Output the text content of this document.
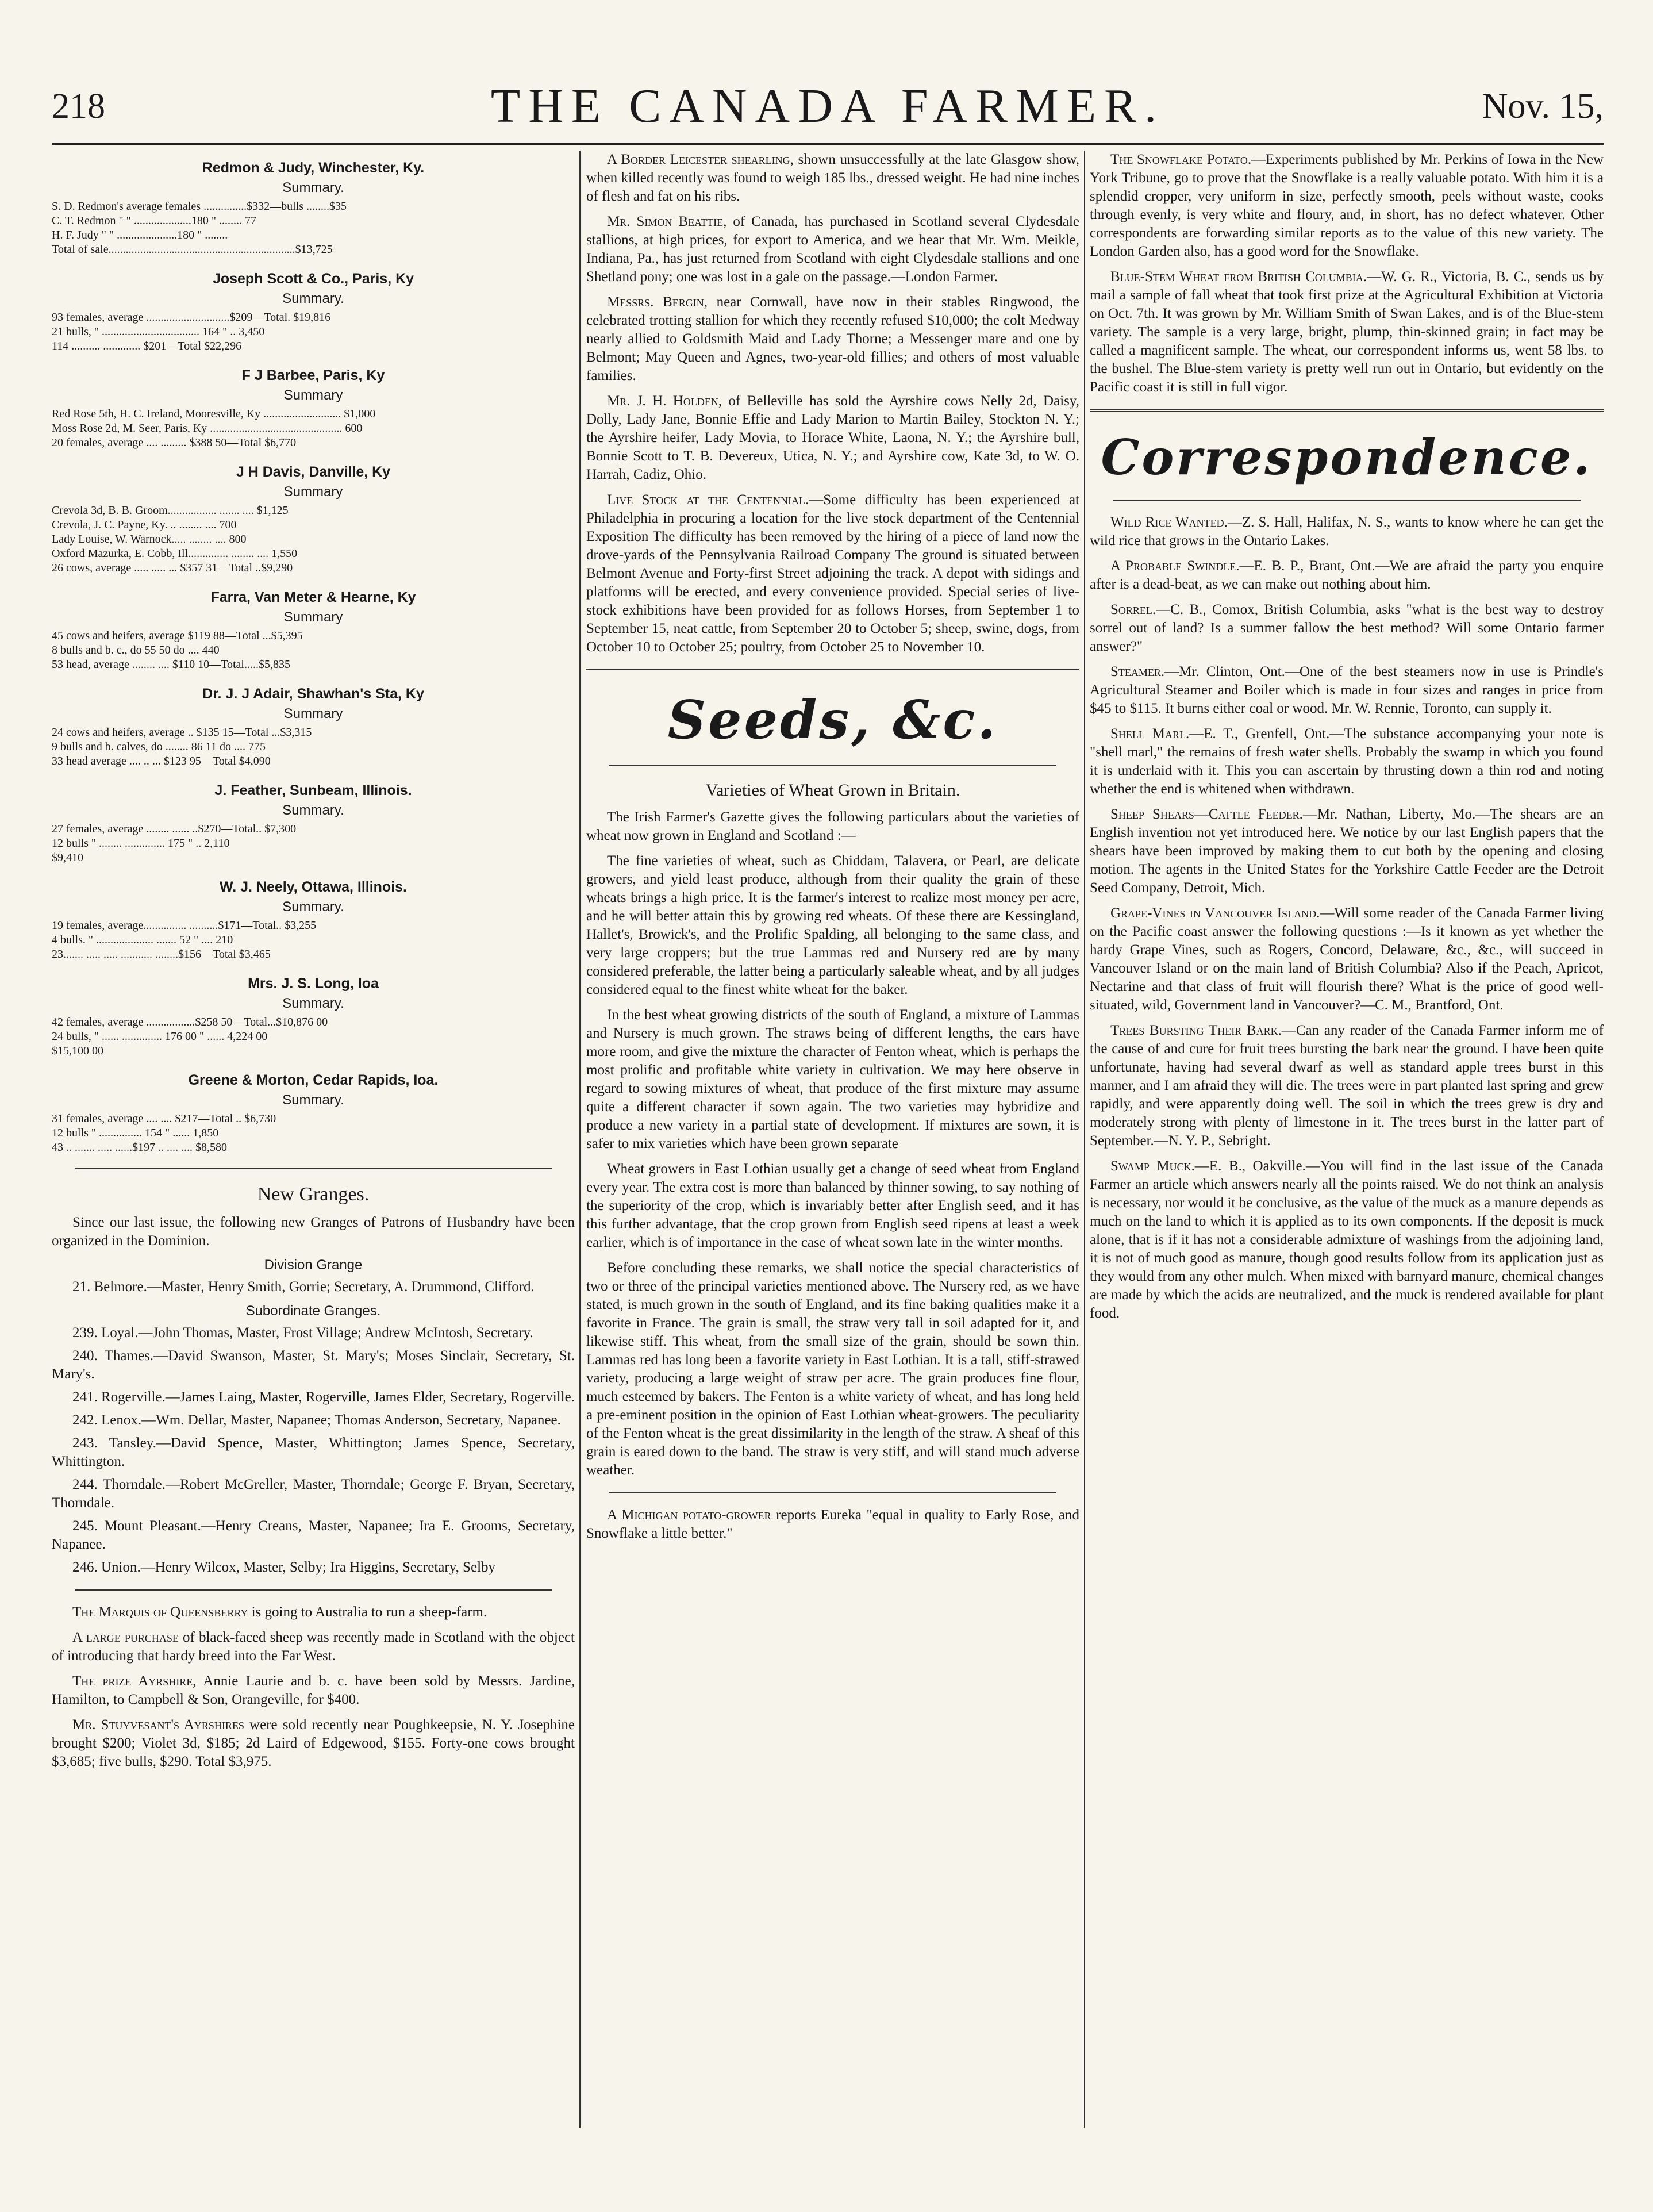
218	THE CANADA FARMER.	Nov. 15,
Redmon & Judy, Winchester, Ky.
Summary.
S. D. Redmon's average females ...............$332—bulls ........$35
C. T. Redmon " " ....................180 " ........ 77
H. F. Judy " " .....................180 " ........
Total of sale.................................................................$13,725
Joseph Scott & Co., Paris, Ky
Summary.
93 females, average .............................$209—Total. $19,816
21 bulls, " .................................. 164 " .. 3,450
114 .......... ............. $201—Total $22,296
F J Barbee, Paris, Ky
Summary
Red Rose 5th, H. C. Ireland, Mooresville, Ky ........................... $1,000
Moss Rose 2d, M. Seer, Paris, Ky .............................................. 600
20 females, average .... ......... $388 50—Total $6,770
J H Davis, Danville, Ky
Summary
Crevola 3d, B. B. Groom................. ....... .... $1,125
Crevola, J. C. Payne, Ky. .. ........ .... 700
Lady Louise, W. Warnock..... ........ .... 800
Oxford Mazurka, E. Cobb, Ill.............. ........ .... 1,550
26 cows, average ..... ..... ... $357 31—Total ..$9,290
Farra, Van Meter & Hearne, Ky
Summary
45 cows and heifers, average $119 88—Total ...$5,395
8 bulls and b. c., do 55 50 do .... 440
53 head, average ........ .... $110 10—Total.....$5,835
Dr. J. J Adair, Shawhan's Sta, Ky
Summary
24 cows and heifers, average .. $135 15—Total ...$3,315
9 bulls and b. calves, do ........ 86 11 do .... 775
33 head average .... .. ... $123 95—Total $4,090
J. Feather, Sunbeam, Illinois.
Summary.
27 females, average ........ ...... ..$270—Total.. $7,300
12 bulls " ........ .............. 175 " .. 2,110
$9,410
W. J. Neely, Ottawa, Illinois.
Summary.
19 females, average............... ..........$171—Total.. $3,255
4 bulls. " .................... ....... 52 " .... 210
23....... ..... ..... ........... ........$156—Total $3,465
Mrs. J. S. Long, Ioa
Summary.
42 females, average .................$258 50—Total...$10,876 00
24 bulls, " ...... .............. 176 00 " ...... 4,224 00
$15,100 00
Greene & Morton, Cedar Rapids, Ioa.
Summary.
31 females, average .... .... $217—Total .. $6,730
12 bulls " ............... 154 " ...... 1,850
43 .. ....... ..... ......$197 .. .... .... $8,580
New Granges.

Since our last issue, the following new Granges of Patrons of Husbandry have been organized in the Dominion.

Division Grange
21. Belmore.—Master, Henry Smith, Gorrie; Secretary, A. Drummond, Clifford.
Subordinate Granges.
239. Loyal.—John Thomas, Master, Frost Village; Andrew McIntosh, Secretary.
240. Thames.—David Swanson, Master, St. Mary's; Moses Sinclair, Secretary, St. Mary's.
241. Rogerville.—James Laing, Master, Rogerville, James Elder, Secretary, Rogerville.
242. Lenox.—Wm. Dellar, Master, Napanee; Thomas Anderson, Secretary, Napanee.
243. Tansley.—David Spence, Master, Whittington; James Spence, Secretary, Whittington.
244. Thorndale.—Robert McGreller, Master, Thorndale; George F. Bryan, Secretary, Thorndale.
245. Mount Pleasant.—Henry Creans, Master, Napanee; Ira E. Grooms, Secretary, Napanee.
246. Union.—Henry Wilcox, Master, Selby; Ira Higgins, Secretary, Selby

The Marquis of Queensberry is going to Australia to run a sheep-farm.

A large purchase of black-faced sheep was recently made in Scotland with the object of introducing that hardy breed into the Far West.

The prize Ayrshire, Annie Laurie and b. c. have been sold by Messrs. Jardine, Hamilton, to Campbell & Son, Orangeville, for $400.

Mr. Stuyvesant's Ayrshires were sold recently near Poughkeepsie, N. Y. Josephine brought $200; Violet 3d, $185; 2d Laird of Edgewood, $155. Forty-one cows brought $3,685; five bulls, $290. Total $3,975.

A Border Leicester shearling, shown unsuccessfully at the late Glasgow show, when killed recently was found to weigh 185 lbs., dressed weight. He had nine inches of flesh and fat on his ribs.

Mr. Simon Beattie, of Canada, has purchased in Scotland several Clydesdale stallions, at high prices, for export to America, and we hear that Mr. Wm. Meikle, Indiana, Pa., has just returned from Scotland with eight Clydesdale stallions and one Shetland pony; one was lost in a gale on the passage.—London Farmer.

Messrs. Bergin, near Cornwall, have now in their stables Ringwood, the celebrated trotting stallion for which they recently refused $10,000; the colt Medway nearly allied to Goldsmith Maid and Lady Thorne; a Messenger mare and one by Belmont; May Queen and Agnes, two-year-old fillies; and others of most valuable families.

Mr. J. H. Holden, of Belleville has sold the Ayrshire cows Nelly 2d, Daisy, Dolly, Lady Jane, Bonnie Effie and Lady Marion to Martin Bailey, Stockton N. Y.; the Ayrshire heifer, Lady Movia, to Horace White, Laona, N. Y.; the Ayrshire bull, Bonnie Scott to T. B. Devereux, Utica, N. Y.; and Ayrshire cow, Kate 3d, to W. O. Harrah, Cadiz, Ohio.

Live Stock at the Centennial.—Some difficulty has been experienced at Philadelphia in procuring a location for the live stock department of the Centennial Exposition The difficulty has been removed by the hiring of a piece of land now the drove-yards of the Pennsylvania Railroad Company The ground is situated between Belmont Avenue and Forty-first Street adjoining the track. A depot with sidings and platforms will be erected, and every convenience provided. Special series of live-stock exhibitions have been provided for as follows Horses, from September 1 to September 15, neat cattle, from September 20 to October 5; sheep, swine, dogs, from October 10 to October 25; poultry, from October 25 to November 10.

Seeds, &c.
Varieties of Wheat Grown in Britain.

The Irish Farmer's Gazette gives the following particulars about the varieties of wheat now grown in England and Scotland :—

The fine varieties of wheat, such as Chiddam, Talavera, or Pearl, are delicate growers, and yield least produce, although from their quality the grain of these wheats brings a high price. It is the farmer's interest to realize most money per acre, and he will better attain this by growing red wheats. Of these there are Kessingland, Hallet's, Browick's, and the Prolific Spalding, all belonging to the same class, and very large croppers; but the true Lammas red and Nursery red are by many considered preferable, the latter being a particularly saleable wheat, and by all judges considered equal to the finest white wheat for the baker.

In the best wheat growing districts of the south of England, a mixture of Lammas and Nursery is much grown. The straws being of different lengths, the ears have more room, and give the mixture the character of Fenton wheat, which is perhaps the most prolific and profitable white variety in cultivation. We may here observe in regard to sowing mixtures of wheat, that produce of the first mixture may assume quite a different character if sown again. The two varieties may hybridize and produce a new variety in a partial state of development. If mixtures are sown, it is safer to mix varieties which have been grown separate

Wheat growers in East Lothian usually get a change of seed wheat from England every year. The extra cost is more than balanced by thinner sowing, to say nothing of the superiority of the crop, which is invariably better after English seed, and it has this further advantage, that the crop grown from English seed ripens at least a week earlier, which is of importance in the case of wheat sown late in the winter months.

Before concluding these remarks, we shall notice the special characteristics of two or three of the principal varieties mentioned above. The Nursery red, as we have stated, is much grown in the south of England, and its fine baking qualities make it a favorite in France. The grain is small, the straw very tall in soil adapted for it, and likewise stiff. This wheat, from the small size of the grain, should be sown thin. Lammas red has long been a favorite variety in East Lothian. It is a tall, stiff-strawed variety, producing a large weight of straw per acre. The grain produces fine flour, much esteemed by bakers. The Fenton is a white variety of wheat, and has long held a pre-eminent position in the opinion of East Lothian wheat-growers. The peculiarity of the Fenton wheat is the great dissimilarity in the length of the straw. A sheaf of this grain is eared down to the band. The straw is very stiff, and will stand much adverse weather.

A Michigan potato-grower reports Eureka "equal in quality to Early Rose, and Snowflake a little better."

The Snowflake Potato.—Experiments published by Mr. Perkins of Iowa in the New York Tribune, go to prove that the Snowflake is a really valuable potato. With him it is a splendid cropper, very uniform in size, perfectly smooth, peels without waste, cooks through evenly, is very white and floury, and, in short, has no defect whatever. Other correspondents are forwarding similar reports as to the value of this new variety. The London Garden also, has a good word for the Snowflake.

Blue-Stem Wheat from British Columbia.—W. G. R., Victoria, B. C., sends us by mail a sample of fall wheat that took first prize at the Agricultural Exhibition at Victoria on Oct. 7th. It was grown by Mr. William Smith of Swan Lakes, and is of the Blue-stem variety. The sample is a very large, bright, plump, thin-skinned grain; in fact may be called a magnificent sample. The wheat, our correspondent informs us, went 58 lbs. to the bushel. The Blue-stem variety is pretty well run out in Ontario, but evidently on the Pacific coast it is still in full vigor.

Correspondence.

Wild Rice Wanted.—Z. S. Hall, Halifax, N. S., wants to know where he can get the wild rice that grows in the Ontario Lakes.

A Probable Swindle.—E. B. P., Brant, Ont.—We are afraid the party you enquire after is a dead-beat, as we can make out nothing about him.

Sorrel.—C. B., Comox, British Columbia, asks "what is the best way to destroy sorrel out of land? Is a summer fallow the best method? Will some Ontario farmer answer?"

Steamer.—Mr. Clinton, Ont.—One of the best steamers now in use is Prindle's Agricultural Steamer and Boiler which is made in four sizes and ranges in price from $45 to $115. It burns either coal or wood. Mr. W. Rennie, Toronto, can supply it.

Shell Marl.—E. T., Grenfell, Ont.—The substance accompanying your note is "shell marl," the remains of fresh water shells. Probably the swamp in which you found it is underlaid with it. This you can ascertain by thrusting down a thin rod and noting whether the end is whitened when withdrawn.

Sheep Shears—Cattle Feeder.—Mr. Nathan, Liberty, Mo.—The shears are an English invention not yet introduced here. We notice by our last English papers that the shears have been improved by making them to cut both by the opening and closing motion. The agents in the United States for the Yorkshire Cattle Feeder are the Detroit Seed Company, Detroit, Mich.

Grape-Vines in Vancouver Island.—Will some reader of the Canada Farmer living on the Pacific coast answer the following questions :—Is it known as yet whether the hardy Grape Vines, such as Rogers, Concord, Delaware, &c., &c., will succeed in Vancouver Island or on the main land of British Columbia? Also if the Peach, Apricot, Nectarine and that class of fruit will flourish there? What is the price of good well-situated, wild, Government land in Vancouver?—C. M., Brantford, Ont.

Trees Bursting Their Bark.—Can any reader of the Canada Farmer inform me of the cause of and cure for fruit trees bursting the bark near the ground. I have been quite unfortunate, having had several dwarf as well as standard apple trees burst in this manner, and I am afraid they will die. The trees were in part planted last spring and grew rapidly, and were apparently doing well. The soil in which the trees grew is dry and moderately strong with plenty of limestone in it. The trees burst in the latter part of September.—N. Y. P., Sebright.

Swamp Muck.—E. B., Oakville.—You will find in the last issue of the Canada Farmer an article which answers nearly all the points raised. We do not think an analysis is necessary, nor would it be conclusive, as the value of the muck as a manure depends as much on the land to which it is applied as to its own components. If the deposit is muck alone, that is if it has not a considerable admixture of washings from the adjoining land, it is not of much good as manure, though good results follow from its application just as they would from any other mulch. When mixed with barnyard manure, chemical changes are made by which the acids are neutralized, and the muck is rendered available for plant food.
